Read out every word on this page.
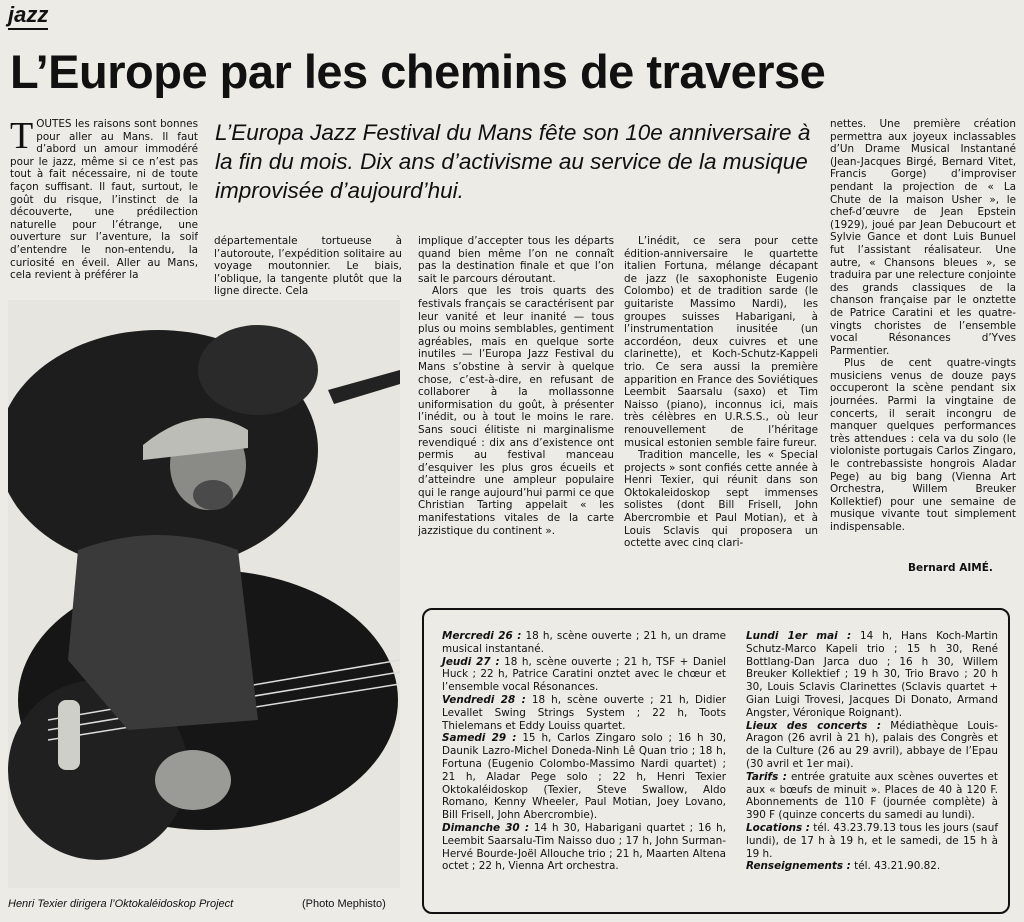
jazz
L’Europe par les chemins de traverse
L’Europa Jazz Festival du Mans fête son 10e anniversaire à la fin du mois. Dix ans d’activisme au service de la musique improvisée d’aujourd’hui.

TOUTES les raisons sont bonnes pour aller au Mans. Il faut d’abord un amour immodéré pour le jazz, même si ce n’est pas tout à fait nécessaire, ni de toute façon suffisant. Il faut, surtout, le goût du risque, l’instinct de la découverte, une prédilection naturelle pour l’étrange, une ouverture sur l’aventure, la soif d’entendre le non-entendu, la curiosité en éveil. Aller au Mans, cela revient à préférer la

départementale tortueuse à l’autoroute, l’expédition solitaire au voyage moutonnier. Le biais, l’oblique, la tangente plutôt que la ligne directe. Cela

implique d’accepter tous les départs quand bien même l’on ne connaît pas la destination finale et que l’on sait le parcours déroutant.

Alors que les trois quarts des festivals français se caractérisent par leur vanité et leur inanité — tous plus ou moins semblables, gentiment agréables, mais en quelque sorte inutiles — l’Europa Jazz Festival du Mans s’obstine à servir à quelque chose, c’est-à-dire, en refusant de collaborer à la mollassonne uniformisation du goût, à présenter l’inédit, ou à tout le moins le rare. Sans souci élitiste ni marginalisme revendiqué : dix ans d’existence ont permis au festival manceau d’esquiver les plus gros écueils et d’atteindre une ampleur populaire qui le range aujourd’hui parmi ce que Christian Tarting appelait « les manifestations vitales de la carte jazzistique du continent ».

L’inédit, ce sera pour cette édition-anniversaire le quartette italien Fortuna, mélange décapant de jazz (le saxophoniste Eugenio Colombo) et de tradition sarde (le guitariste Massimo Nardi), les groupes suisses Habarigani, à l’instrumentation inusitée (un accordéon, deux cuivres et une clarinette), et Koch-Schutz-Kappeli trio. Ce sera aussi la première apparition en France des Soviétiques Leembit Saarsalu (saxo) et Tim Naisso (piano), inconnus ici, mais très célèbres en U.R.S.S., où leur renouvellement de l’héritage musical estonien semble faire fureur.

Tradition mancelle, les « Special projects » sont confiés cette année à Henri Texier, qui réunit dans son Oktokaleidoskop sept immenses solistes (dont Bill Frisell, John Abercrombie et Paul Motian), et à Louis Sclavis qui proposera un octette avec cinq clari-

nettes. Une première création permettra aux joyeux inclassables d’Un Drame Musical Instantané (Jean-Jacques Birgé, Bernard Vitet, Francis Gorge) d’improviser pendant la projection de « La Chute de la maison Usher », le chef-d’œuvre de Jean Epstein (1929), joué par Jean Debucourt et Sylvie Gance et dont Luis Bunuel fut l’assistant réalisateur. Une autre, « Chansons bleues », se traduira par une relecture conjointe des grands classiques de la chanson française par le onztette de Patrice Caratini et les quatre-vingts choristes de l’ensemble vocal Résonances d’Yves Parmentier.

Plus de cent quatre-vingts musiciens venus de douze pays occuperont la scène pendant six journées. Parmi la vingtaine de concerts, il serait incongru de manquer quelques performances très attendues : cela va du solo (le violoniste portugais Carlos Zingaro, le contrebassiste hongrois Aladar Pege) au big bang (Vienna Art Orchestra, Willem Breuker Kollektief) pour une semaine de musique vivante tout simplement indispensable.

Bernard AIMÉ.
Henri Texier dirigera l’Oktokaléidoskop Project	(Photo Mephisto)
Mercredi 26 : 18 h, scène ouverte ; 21 h, un drame musical instantané.
Jeudi 27 : 18 h, scène ouverte ; 21 h, TSF + Daniel Huck ; 22 h, Patrice Caratini onztet avec le chœur et l’ensemble vocal Résonances.
Vendredi 28 : 18 h, scène ouverte ; 21 h, Didier Levallet Swing Strings System ; 22 h, Toots Thielemans et Eddy Louiss quartet.
Samedi 29 : 15 h, Carlos Zingaro solo ; 16 h 30, Daunik Lazro-Michel Doneda-Ninh Lê Quan trio ; 18 h, Fortuna (Eugenio Colombo-Massimo Nardi quartet) ; 21 h, Aladar Pege solo ; 22 h, Henri Texier Oktokaléidoskop (Texier, Steve Swallow, Aldo Romano, Kenny Wheeler, Paul Motian, Joey Lovano, Bill Frisell, John Abercrombie).
Dimanche 30 : 14 h 30, Habarigani quartet ; 16 h, Leembit Saarsalu-Tim Naisso duo ; 17 h, John Surman-Hervé Bourde-Joël Allouche trio ; 21 h, Maarten Altena octet ; 22 h, Vienna Art orchestra.
Lundi 1er mai : 14 h, Hans Koch-Martin Schutz-Marco Kapeli trio ; 15 h 30, René Bottlang-Dan Jarca duo ; 16 h 30, Willem Breuker Kollektief ; 19 h 30, Trio Bravo ; 20 h 30, Louis Sclavis Clarinettes (Sclavis quartet + Gian Luigi Trovesi, Jacques Di Donato, Armand Angster, Véronique Roignant).
Lieux des concerts : Médiathèque Louis-Aragon (26 avril à 21 h), palais des Congrès et de la Culture (26 au 29 avril), abbaye de l’Epau (30 avril et 1er mai).
Tarifs : entrée gratuite aux scènes ouvertes et aux « bœufs de minuit ». Places de 40 à 120 F. Abonnements de 110 F (journée complète) à 390 F (quinze concerts du samedi au lundi).
Locations : tél. 43.23.79.13 tous les jours (sauf lundi), de 17 h à 19 h, et le samedi, de 15 h à 19 h.
Renseignements : tél. 43.21.90.82.
